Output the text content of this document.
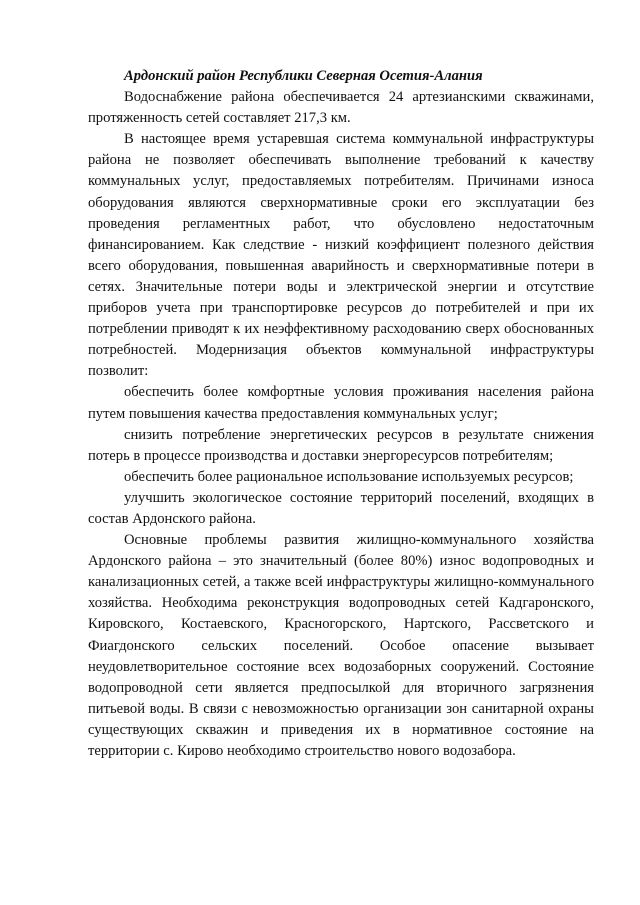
Ардонский район Республики Северная Осетия-Алания

Водоснабжение района обеспечивается 24 артезианскими скважинами, протяженность сетей составляет 217,3 км.

В настоящее время устаревшая система коммунальной инфраструктуры района не позволяет обеспечивать выполнение требований к качеству коммунальных услуг, предоставляемых потребителям. Причинами износа оборудования являются сверхнормативные сроки его эксплуатации без проведения регламентных работ, что обусловлено недостаточным финансированием. Как следствие - низкий коэффициент полезного действия всего оборудования, повышенная аварийность и сверхнормативные потери в сетях. Значительные потери воды и электрической энергии и отсутствие приборов учета при транспортировке ресурсов до потребителей и при их потреблении приводят к их неэффективному расходованию сверх обоснованных потребностей. Модернизация объектов коммунальной инфраструктуры позволит:

обеспечить более комфортные условия проживания населения района путем повышения качества предоставления коммунальных услуг;

снизить потребление энергетических ресурсов в результате снижения потерь в процессе производства и доставки энергоресурсов потребителям;

обеспечить более рациональное использование используемых ресурсов;

улучшить экологическое состояние территорий поселений, входящих в состав Ардонского района.

Основные проблемы развития жилищно-коммунального хозяйства Ардонского района – это значительный (более 80%) износ водопроводных и канализационных сетей, а также всей инфраструктуры жилищно-коммунального хозяйства. Необходима реконструкция водопроводных сетей Кадгаронского, Кировского, Костаевского, Красногорского, Нартского, Рассветского и Фиагдонского сельских поселений. Особое опасение вызывает неудовлетворительное состояние всех водозаборных сооружений. Состояние водопроводной сети является предпосылкой для вторичного загрязнения питьевой воды. В связи с невозможностью организации зон санитарной охраны существующих скважин и приведения их в нормативное состояние на территории с. Кирово необходимо строительство нового водозабора.
